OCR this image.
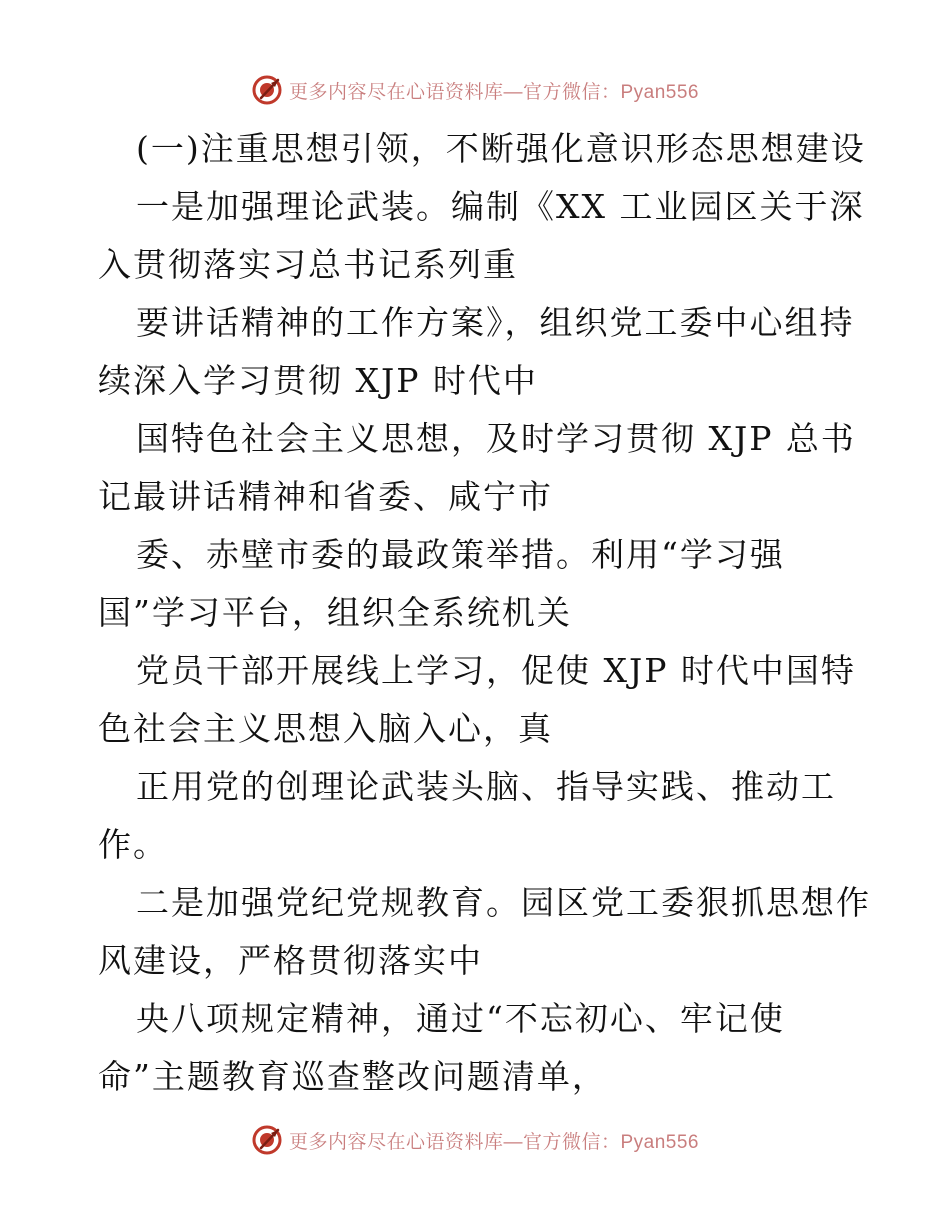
更多内容尽在心语资料库—官方微信：Pyan556
(一)注重思想引领，不断强化意识形态思想建设
一是加强理论武装。编制《XX 工业园区关于深
入贯彻落实习总书记系列重
要讲话精神的工作方案》，组织党工委中心组持
续深入学习贯彻 XJP 时代中
国特色社会主义思想，及时学习贯彻 XJP 总书
记最讲话精神和省委、咸宁市
委、赤壁市委的最政策举措。利用“学习强
国”学习平台，组织全系统机关
党员干部开展线上学习，促使 XJP 时代中国特
色社会主义思想入脑入心，真
正用党的创理论武装头脑、指导实践、推动工
作。
二是加强党纪党规教育。园区党工委狠抓思想作
风建设，严格贯彻落实中
央八项规定精神，通过“不忘初心、牢记使
命”主题教育巡查整改问题清单，
更多内容尽在心语资料库—官方微信：Pyan556
